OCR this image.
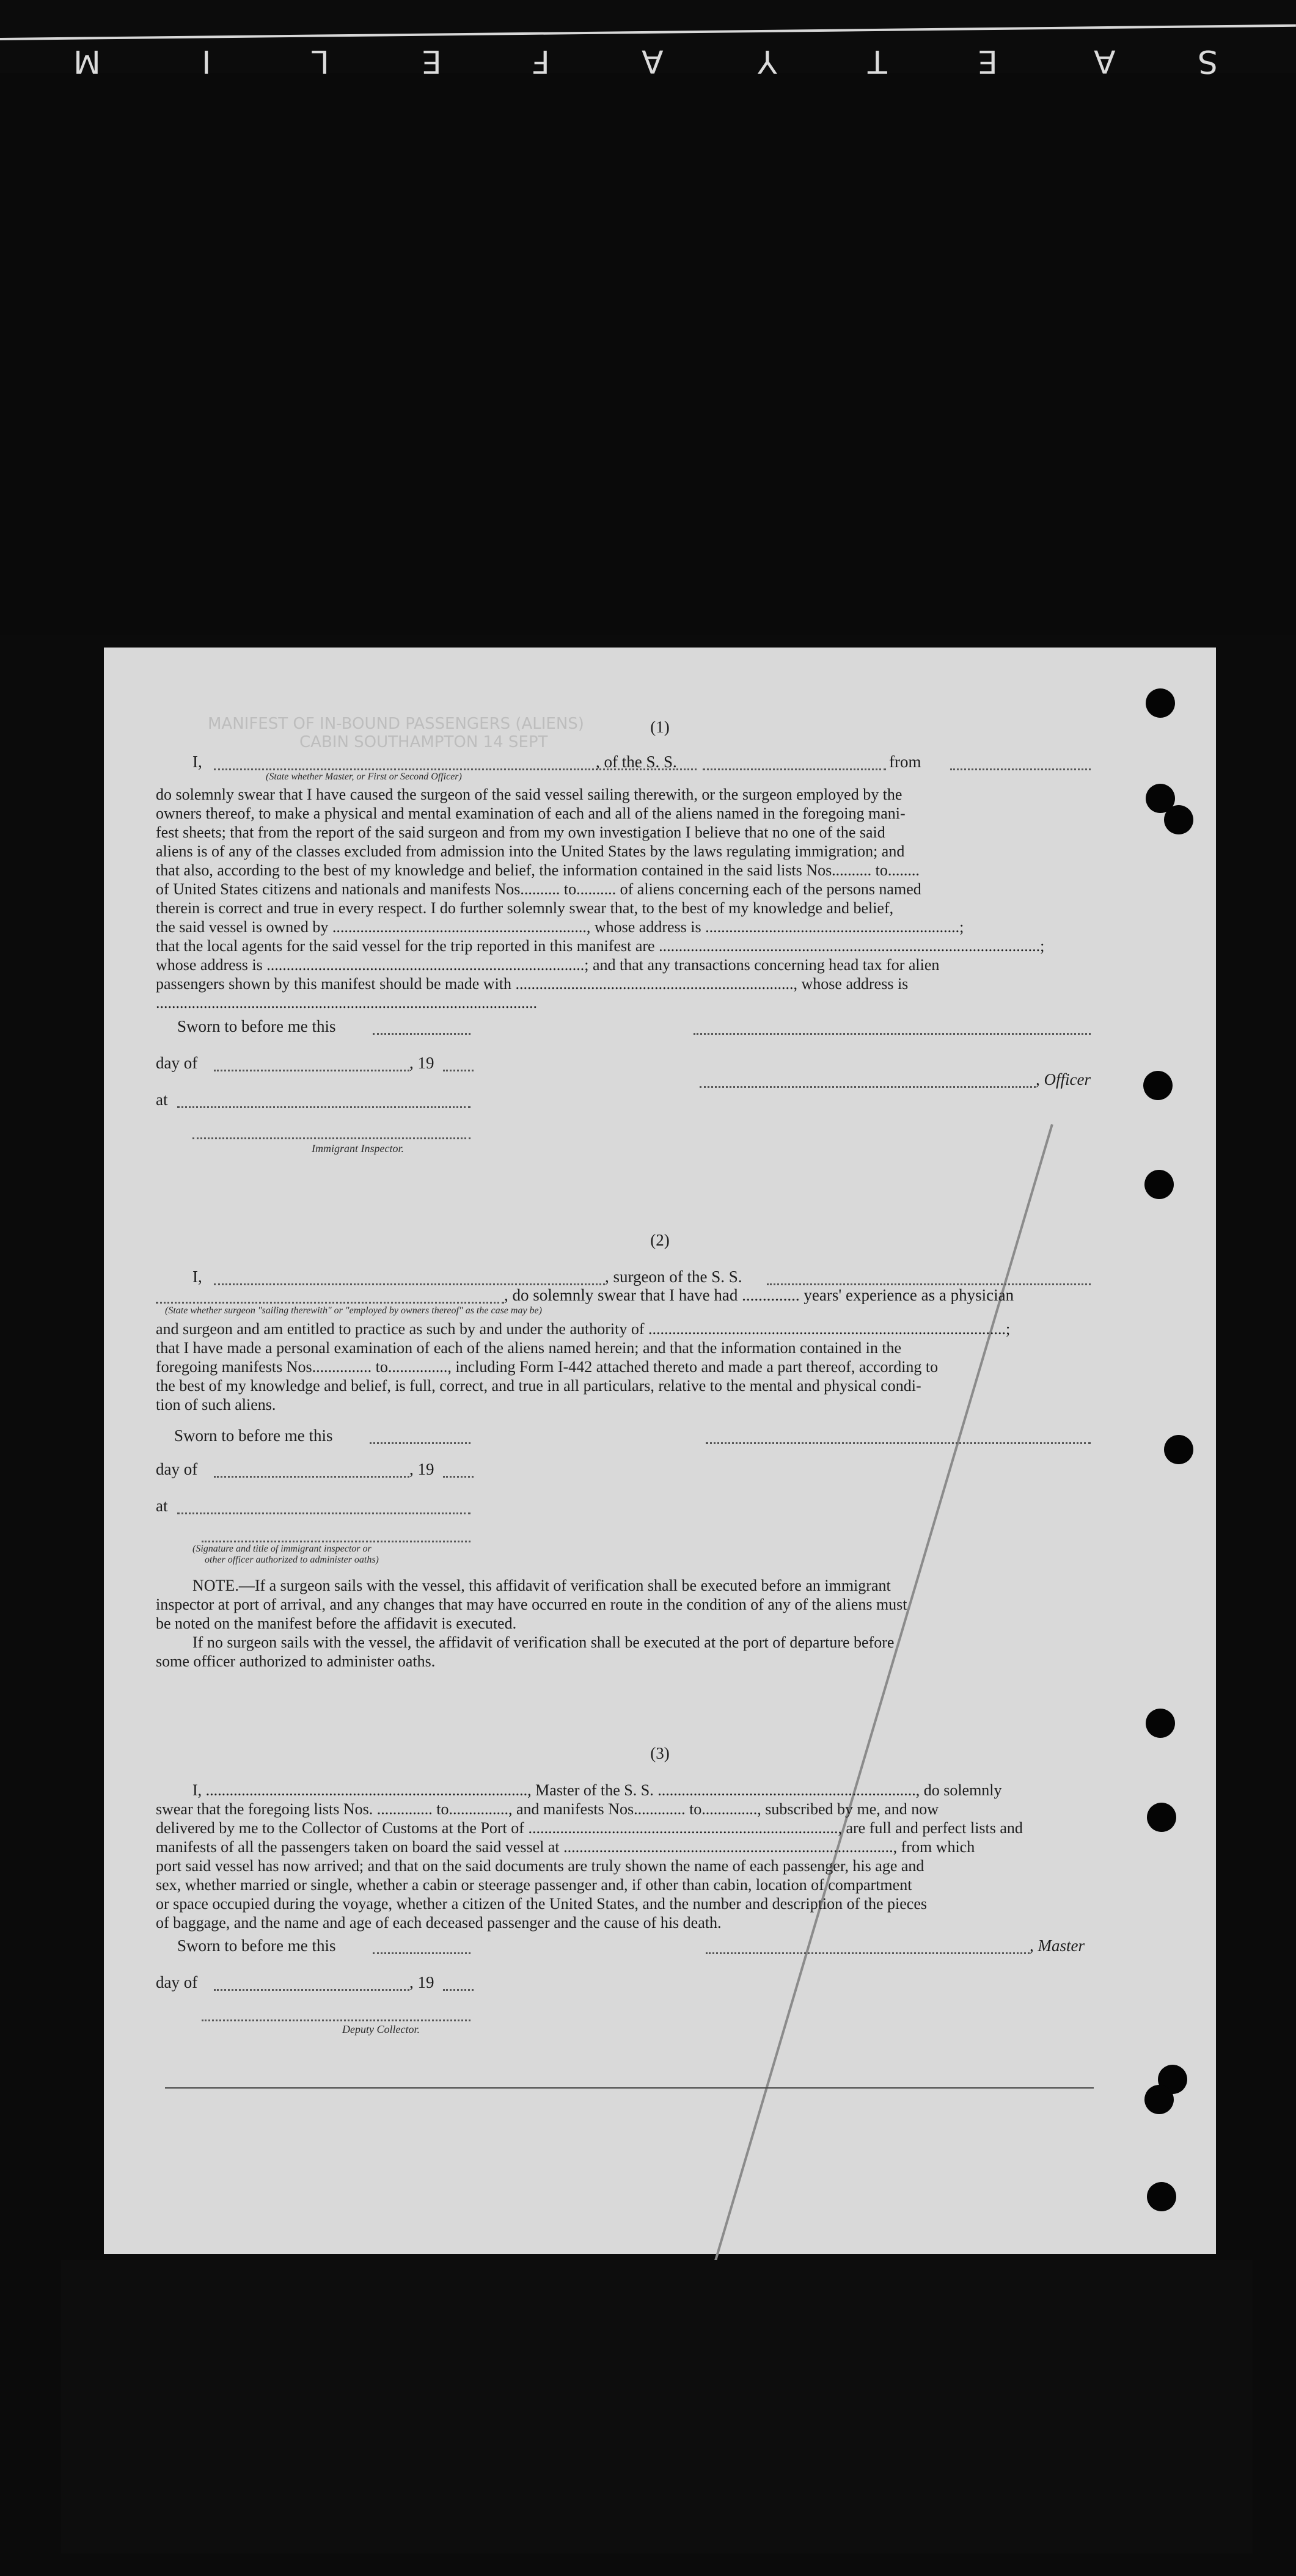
S
A
E
T
Y
A
F
E
L
I
M
MANIFEST OF IN-BOUND PASSENGERS (ALIENS)
CABIN SOUTHAMPTON 14 SEPT
(1)
I,	, of the S. S.	from
(State whether Master, or First or Second Officer)
do solemnly swear that I have caused the surgeon of the said vessel sailing therewith, or the surgeon employed by the
owners thereof, to make a physical and mental examination of each and all of the aliens named in the foregoing mani-
fest sheets; that from the report of the said surgeon and from my own investigation I believe that no one of the said
aliens is of any of the classes excluded from admission into the United States by the laws regulating immigration; and
that also, according to the best of my knowledge and belief, the information contained in the said lists Nos.......... to........
of United States citizens and nationals and manifests Nos.......... to.......... of aliens concerning each of the persons named
therein is correct and true in every respect. I do further solemnly swear that, to the best of my knowledge and belief,
the said vessel is owned by ................................................................, whose address is ................................................................;
that the local agents for the said vessel for the trip reported in this manifest are ................................................................................................;
whose address is ................................................................................; and that any transactions concerning head tax for alien
passengers shown by this manifest should be made with ......................................................................, whose address is
................................................................................................
Sworn to before me this
day of	, 19
, Officer
at
Immigrant Inspector.
(2)
I,	, surgeon of the S. S.
, do solemnly swear that I have had .............. years' experience as a physician
(State whether surgeon "sailing therewith" or "employed by owners thereof" as the case may be)
and surgeon and am entitled to practice as such by and under the authority of ..........................................................................................;
that I have made a personal examination of each of the aliens named herein; and that the information contained in the
foregoing manifests Nos............... to..............., including Form I-442 attached thereto and made a part thereof, according to
the best of my knowledge and belief, is full, correct, and true in all particulars, relative to the mental and physical condi-
tion of such aliens.
Sworn to before me this
day of	, 19
at
(Signature and title of immigrant inspector or
other officer authorized to administer oaths)
NOTE.—If a surgeon sails with the vessel, this affidavit of verification shall be executed before an immigrant
inspector at port of arrival, and any changes that may have occurred en route in the condition of any of the aliens must
be noted on the manifest before the affidavit is executed.
If no surgeon sails with the vessel, the affidavit of verification shall be executed at the port of departure before
some officer authorized to administer oaths.
(3)
I, ................................................................................., Master of the S. S. ................................................................., do solemnly
swear that the foregoing lists Nos. .............. to..............., and manifests Nos............. to.............., subscribed by me, and now
delivered by me to the Collector of Customs at the Port of .............................................................................., are full and perfect lists and
manifests of all the passengers taken on board the said vessel at ..................................................................................., from which
port said vessel has now arrived; and that on the said documents are truly shown the name of each passenger, his age and
sex, whether married or single, whether a cabin or steerage passenger and, if other than cabin, location of compartment
or space occupied during the voyage, whether a citizen of the United States, and the number and description of the pieces
of baggage, and the name and age of each deceased passenger and the cause of his death.
Sworn to before me this	, Master
day of	, 19
Deputy Collector.
